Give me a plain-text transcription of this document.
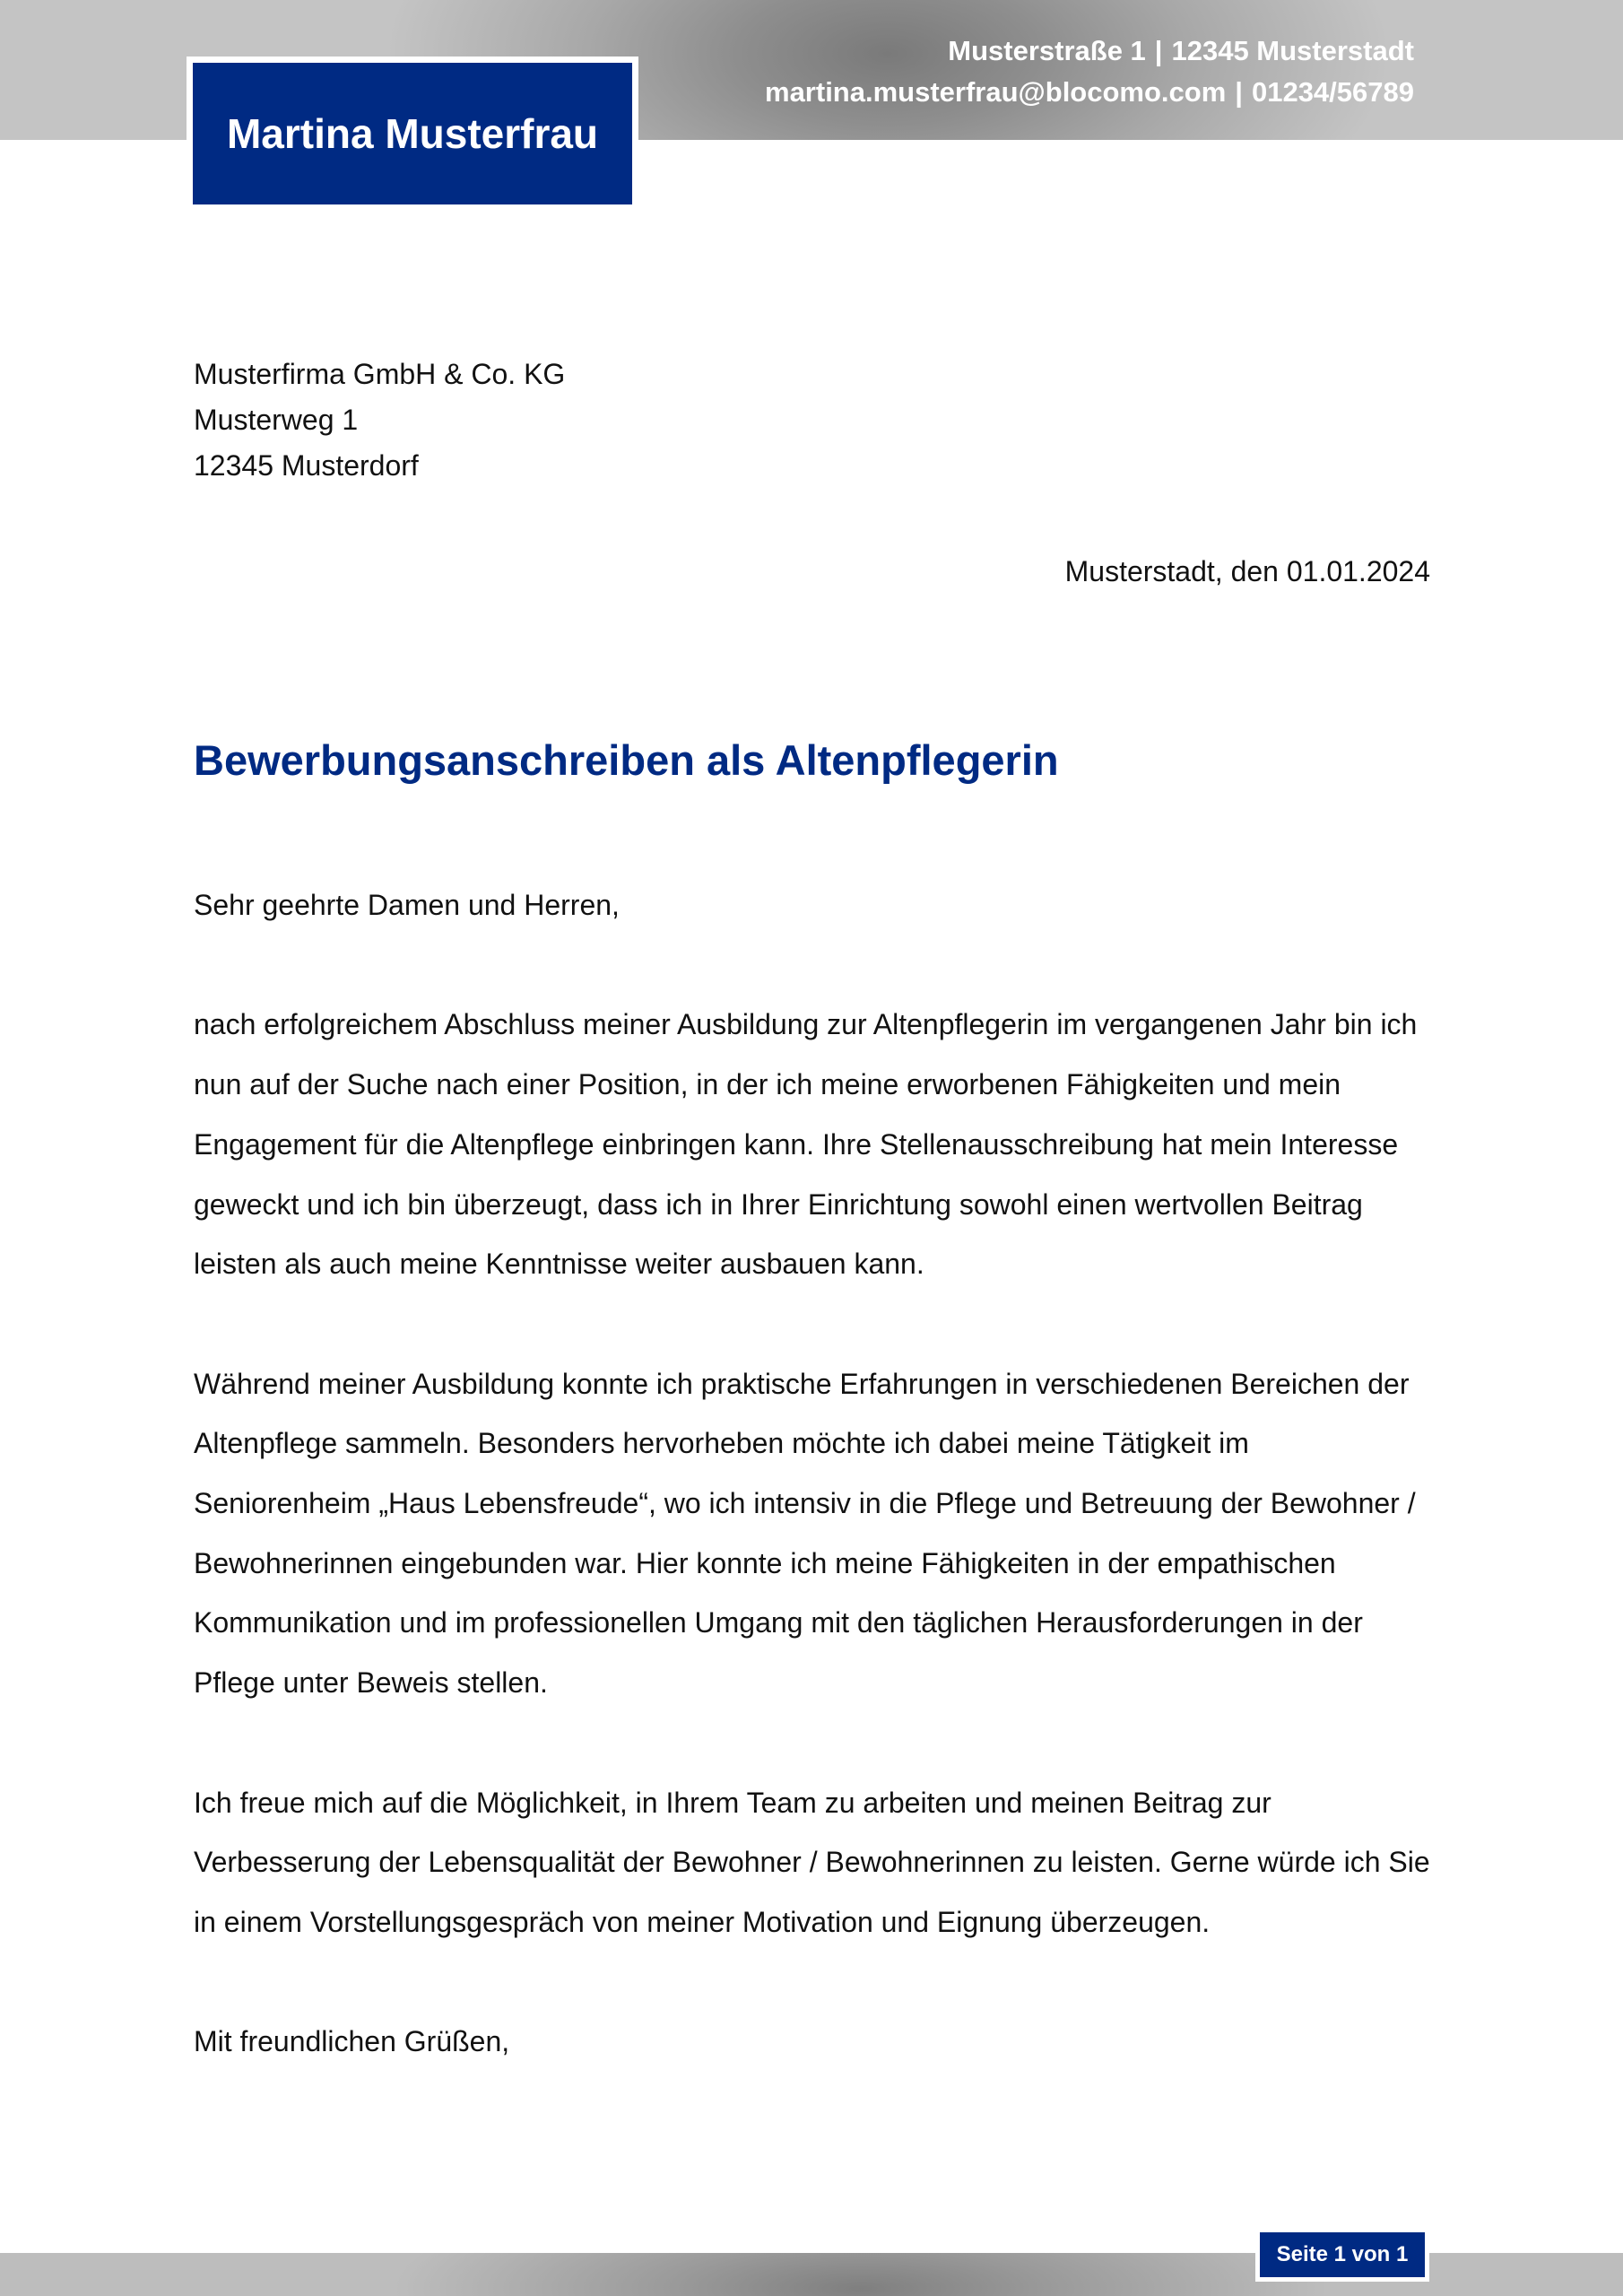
Musterstraße 1 | 12345 Musterstadt
martina.musterfrau@blocomo.com | 01234/56789
Martina Musterfrau
Musterfirma GmbH & Co. KG
Musterweg 1
12345 Musterdorf
Musterstadt, den 01.01.2024
Bewerbungsanschreiben als Altenpflegerin

Sehr geehrte Damen und Herren,

nach erfolgreichem Abschluss meiner Ausbildung zur Altenpflegerin im vergangenen Jahr bin ich nun auf der Suche nach einer Position, in der ich meine erworbenen Fähigkeiten und mein Engagement für die Altenpflege einbringen kann. Ihre Stellenausschreibung hat mein Interesse geweckt und ich bin überzeugt, dass ich in Ihrer Einrichtung sowohl einen wertvollen Beitrag leisten als auch meine Kenntnisse weiter ausbauen kann.

Während meiner Ausbildung konnte ich praktische Erfahrungen in verschiedenen Bereichen der Altenpflege sammeln. Besonders hervorheben möchte ich dabei meine Tätigkeit im Seniorenheim „Haus Lebensfreude“, wo ich intensiv in die Pflege und Betreuung der Bewohner / Bewohnerinnen eingebunden war. Hier konnte ich meine Fähigkeiten in der empathischen Kommunikation und im professionellen Umgang mit den täglichen Herausforderungen in der Pflege unter Beweis stellen.

Ich freue mich auf die Möglichkeit, in Ihrem Team zu arbeiten und meinen Beitrag zur Verbesserung der Lebensqualität der Bewohner / Bewohnerinnen zu leisten. Gerne würde ich Sie in einem Vorstellungsgespräch von meiner Motivation und Eignung überzeugen.

Mit freundlichen Grüßen,

Seite 1 von 1
